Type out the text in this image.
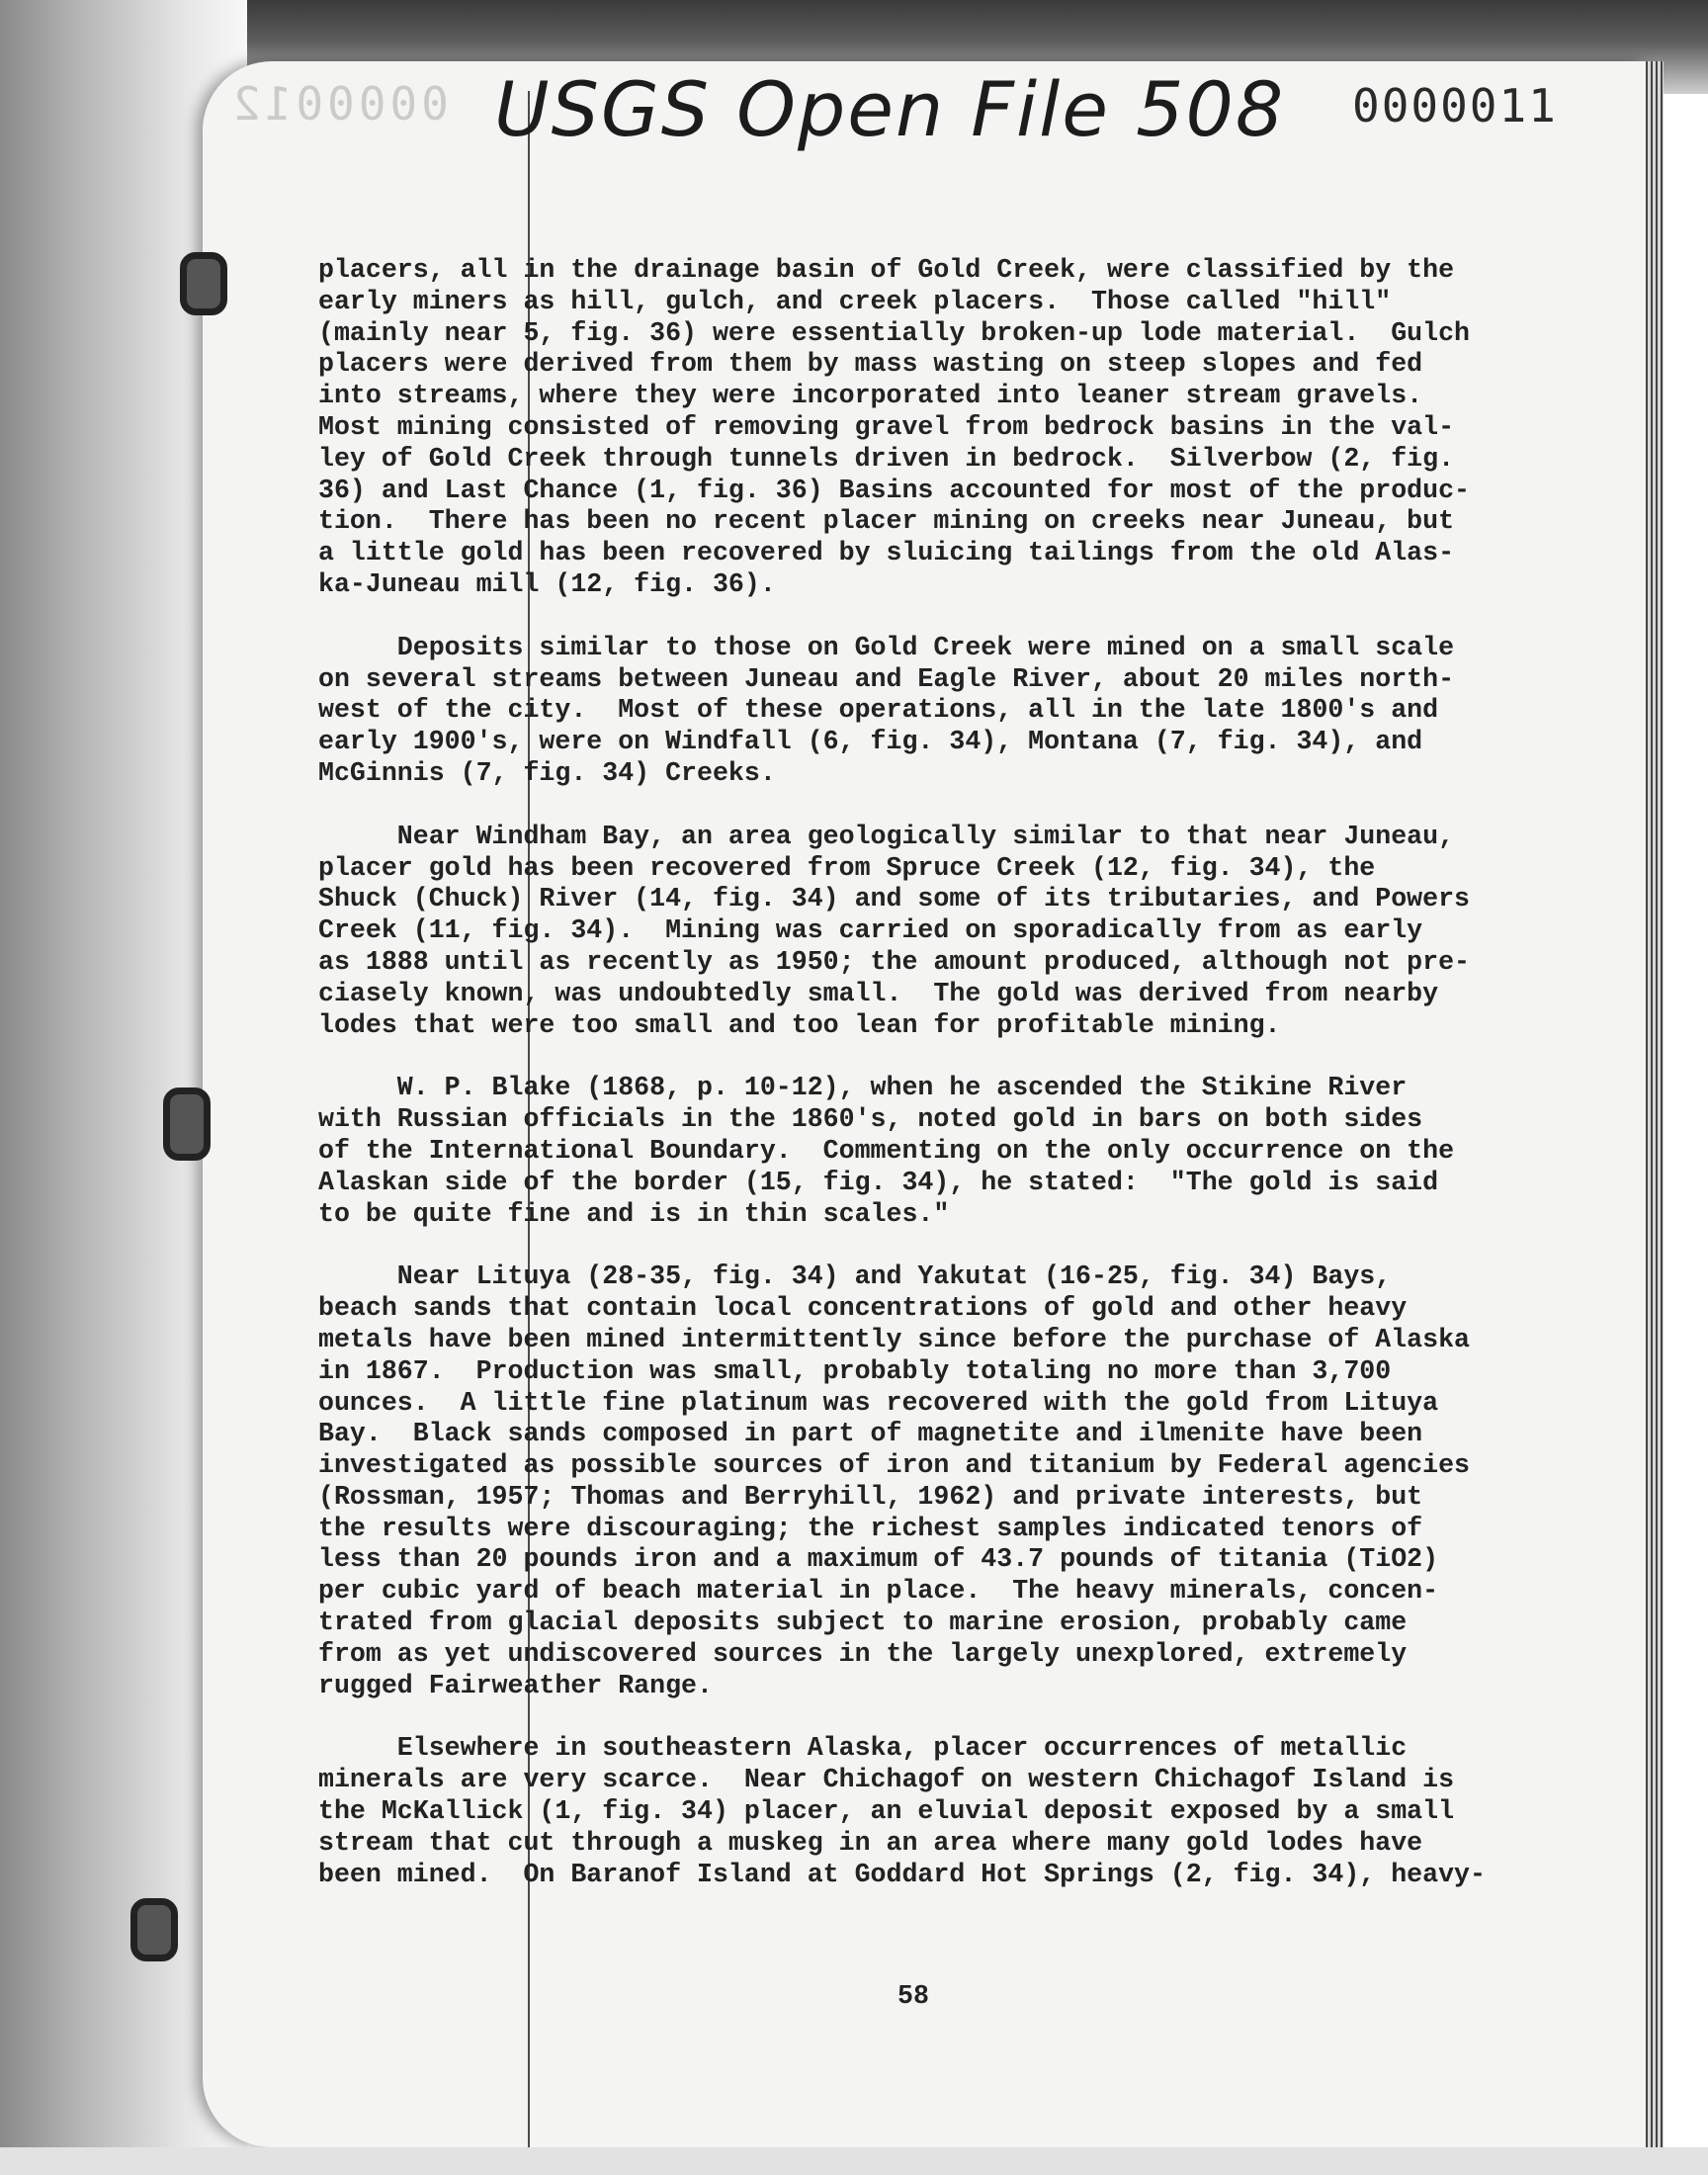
0000012 USGS Open File 508 0000011

placers, all in the drainage basin of Gold Creek, were classified by the
early miners as hill, gulch, and creek placers.  Those called "hill"
(mainly near 5, fig. 36) were essentially broken-up lode material.  Gulch
placers were derived from them by mass wasting on steep slopes and fed
into streams, where they were incorporated into leaner stream gravels.
Most mining consisted of removing gravel from bedrock basins in the val-
ley of Gold Creek through tunnels driven in bedrock.  Silverbow (2, fig.
36) and Last Chance (1, fig. 36) Basins accounted for most of the produc-
tion.  There has been no recent placer mining on creeks near Juneau, but
a little gold has been recovered by sluicing tailings from the old Alas-
ka-Juneau mill (12, fig. 36).

Deposits similar to those on Gold Creek were mined on a small scale
on several streams between Juneau and Eagle River, about 20 miles north-
west of the city.  Most of these operations, all in the late 1800's and
early 1900's, were on Windfall (6, fig. 34), Montana (7, fig. 34), and
McGinnis (7, fig. 34) Creeks.

Near Windham Bay, an area geologically similar to that near Juneau,
placer gold has been recovered from Spruce Creek (12, fig. 34), the
Shuck (Chuck) River (14, fig. 34) and some of its tributaries, and Powers
Creek (11, fig. 34).  Mining was carried on sporadically from as early
as 1888 until as recently as 1950; the amount produced, although not pre-
ciasely known, was undoubtedly small.  The gold was derived from nearby
lodes that were too small and too lean for profitable mining.

W. P. Blake (1868, p. 10-12), when he ascended the Stikine River
with Russian officials in the 1860's, noted gold in bars on both sides
of the International Boundary.  Commenting on the only occurrence on the
Alaskan side of the border (15, fig. 34), he stated:  "The gold is said
to be quite fine and is in thin scales."

Near Lituya (28-35, fig. 34) and Yakutat (16-25, fig. 34) Bays,
beach sands that contain local concentrations of gold and other heavy
metals have been mined intermittently since before the purchase of Alaska
in 1867.  Production was small, probably totaling no more than 3,700
ounces.  A little fine platinum was recovered with the gold from Lituya
Bay.  Black sands composed in part of magnetite and ilmenite have been
investigated as possible sources of iron and titanium by Federal agencies
(Rossman, 1957; Thomas and Berryhill, 1962) and private interests, but
the results were discouraging; the richest samples indicated tenors of
less than 20 pounds iron and a maximum of 43.7 pounds of titania (TiO2)
per cubic yard of beach material in place.  The heavy minerals, concen-
trated from glacial deposits subject to marine erosion, probably came
from as yet undiscovered sources in the largely unexplored, extremely
rugged Fairweather Range.

Elsewhere in southeastern Alaska, placer occurrences of metallic
minerals are very scarce.  Near Chichagof on western Chichagof Island is
the McKallick (1, fig. 34) placer, an eluvial deposit exposed by a small
stream that cut through a muskeg in an area where many gold lodes have
been mined.  On Baranof Island at Goddard Hot Springs (2, fig. 34), heavy-

58
